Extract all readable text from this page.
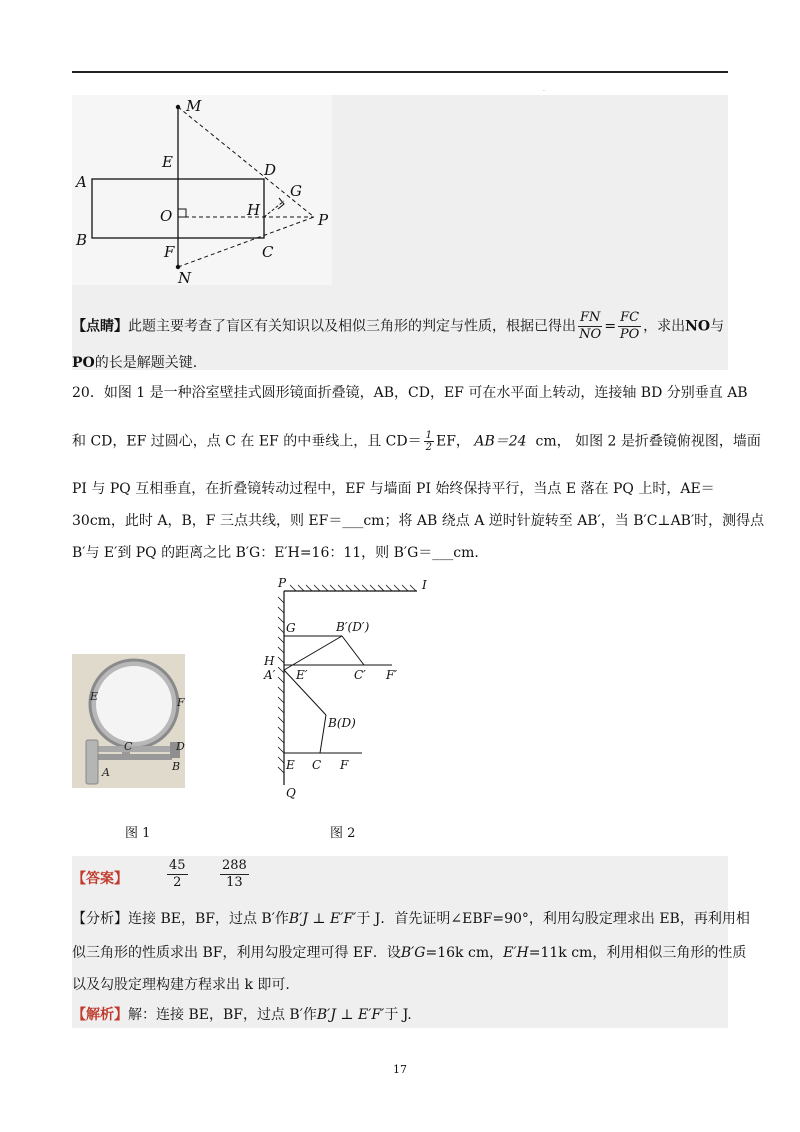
·
M
E	D
G
A
O	H
P
B
F	C
N
【点睛】此题主要考查了盲区有关知识以及相似三角形的判定与性质，根据已得出 $\frac{FN}{NO} = \frac{FC}{PO}$ ，求出NO与
PO的长是解题关键.
20．如图 1 是一种浴室壁挂式圆形镜面折叠镜，AB，CD，EF 可在水平面上转动，连接轴 BD 分别垂直 AB
和 CD，EF 过圆心，点 C 在 EF 的中垂线上，且 $CD= \frac{1}{2}$ EF， AB＝24 cm， 如图 2 是折叠镜俯视图，墙面
PI 与 PQ 互相垂直，在折叠镜转动过程中，EF 与墙面 PI 始终保持平行，当点 E 落在 PQ 上时，AE＝
30cm，此时 A，B，F 三点共线，则 EF＝___cm；将 AB 绕点 A 逆时针旋转至 AB′，当 B′C⊥AB′时，测得点
B′与 E′到 PQ 的距离之比 B′G：E′H=16：11，则 B′G＝___cm.
E	F
C	D
A	B
P	I
G	B′(D′)
H
A′ E′	C′ F′
B(D)
E C F
Q
图 1	图 2
【答案】	$\frac{45}{2} \frac{288}{13}$
【分析】连接 BE，BF，过点 B′作B′J ⊥ E′F′于 J．首先证明∠EBF=90°，利用勾股定理求出 EB，再利用相
似三角形的性质求出 BF，利用勾股定理可得 EF．设B′G=16k cm，E′H=11k cm，利用相似三角形的性质
以及勾股定理构建方程求出 k 即可.
【解析】解：连接 BE，BF，过点 B′作B′J ⊥ E′F′于 J.
17
